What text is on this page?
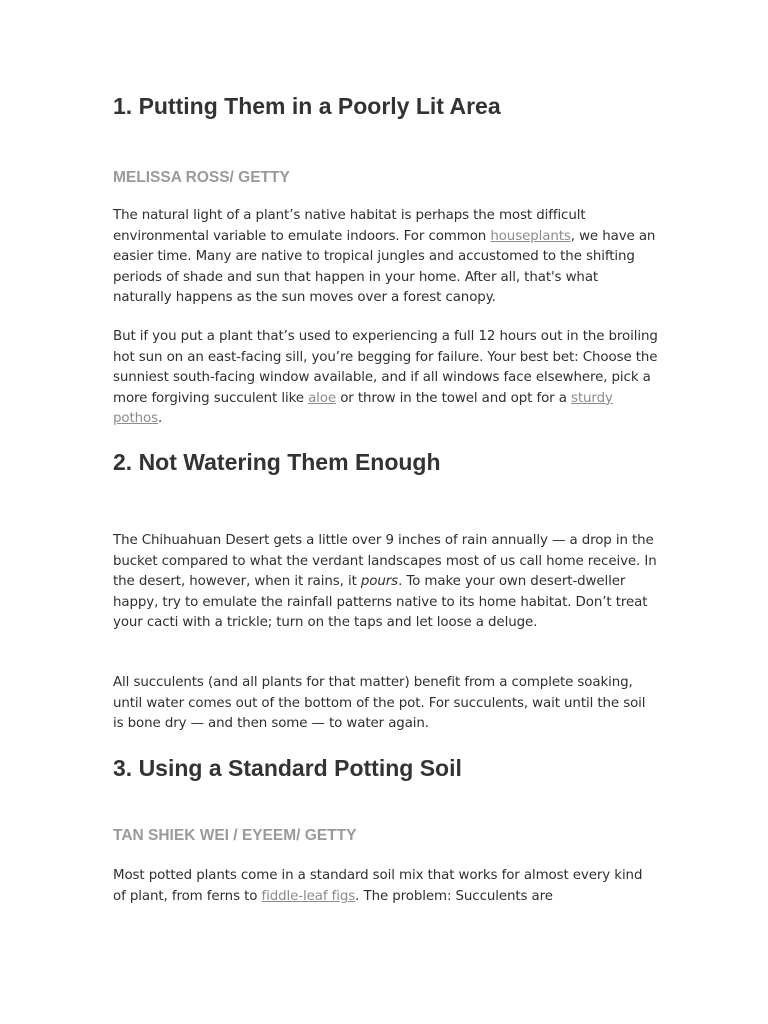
1. Putting Them in a Poorly Lit Area
MELISSA ROSS/ GETTY

The natural light of a plant’s native habitat is perhaps the most difficult environmental variable to emulate indoors. For common houseplants, we have an easier time. Many are native to tropical jungles and accustomed to the shifting periods of shade and sun that happen in your home. After all, that's what naturally happens as the sun moves over a forest canopy.

But if you put a plant that’s used to experiencing a full 12 hours out in the broiling hot sun on an east-facing sill, you’re begging for failure. Your best bet: Choose the sunniest south-facing window available, and if all windows face elsewhere, pick a more forgiving succulent like aloe or throw in the towel and opt for a sturdy pothos.

2. Not Watering Them Enough

The Chihuahuan Desert gets a little over 9 inches of rain annually — a drop in the bucket compared to what the verdant landscapes most of us call home receive. In the desert, however, when it rains, it pours. To make your own desert-dweller happy, try to emulate the rainfall patterns native to its home habitat. Don’t treat your cacti with a trickle; turn on the taps and let loose a deluge.

All succulents (and all plants for that matter) benefit from a complete soaking, until water comes out of the bottom of the pot. For succulents, wait until the soil is bone dry — and then some — to water again.

3. Using a Standard Potting Soil
TAN SHIEK WEI / EYEEM/ GETTY

Most potted plants come in a standard soil mix that works for almost every kind of plant, from ferns to fiddle-leaf figs. The problem: Succulents are
